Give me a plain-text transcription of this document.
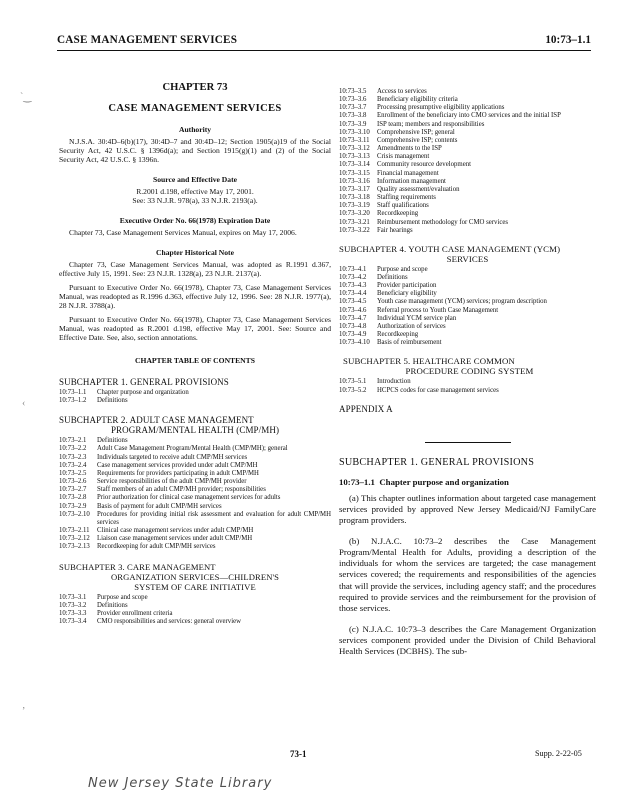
CASE MANAGEMENT SERVICES	10:73–1.1
ˋ‿
‹
‚
CHAPTER 73
CASE MANAGEMENT SERVICES
Authority

N.J.S.A. 30:4D–6(b)(17), 30:4D–7 and 30:4D–12; Section 1905(a)19 of the Social Security Act, 42 U.S.C. § 1396d(a); and Section 1915(g)(1) and (2) of the Social Security Act, 42 U.S.C. § 1396n.

Source and Effective Date

R.2001 d.198, effective May 17, 2001.

See: 33 N.J.R. 978(a), 33 N.J.R. 2193(a).

Executive Order No. 66(1978) Expiration Date

Chapter 73, Case Management Services Manual, expires on May 17, 2006.

Chapter Historical Note

Chapter 73, Case Management Services Manual, was adopted as R.1991 d.367, effective July 15, 1991. See: 23 N.J.R. 1328(a), 23 N.J.R. 2137(a).

Pursuant to Executive Order No. 66(1978), Chapter 73, Case Management Services Manual, was readopted as R.1996 d.363, effective July 12, 1996. See: 28 N.J.R. 1977(a), 28 N.J.R. 3788(a).

Pursuant to Executive Order No. 66(1978), Chapter 73, Case Management Services Manual, was readopted as R.2001 d.198, effective May 17, 2001. See: Source and Effective Date. See, also, section annotations.

CHAPTER TABLE OF CONTENTS
SUBCHAPTER 1. GENERAL PROVISIONS
10:73–1.1	Chapter purpose and organization
10:73–1.2	Definitions
SUBCHAPTER 2. ADULT CASE MANAGEMENT
PROGRAM/MENTAL HEALTH (CMP/MH)
10:73–2.1	Definitions
10:73–2.2	Adult Case Management Program/Mental Health (CMP/MH); general
10:73–2.3	Individuals targeted to receive adult CMP/MH services
10:73–2.4	Case management services provided under adult CMP/MH
10:73–2.5	Requirements for providers participating in adult CMP/MH
10:73–2.6	Service responsibilities of the adult CMP/MH provider
10:73–2.7	Staff members of an adult CMP/MH provider; responsibilities
10:73–2.8	Prior authorization for clinical case management services for adults
10:73–2.9	Basis of payment for adult CMP/MH services
10:73–2.10	Procedures for providing initial risk assessment and evaluation for adult CMP/MH services
10:73–2.11	Clinical case management services under adult CMP/MH
10:73–2.12	Liaison case management services under adult CMP/MH
10:73–2.13	Recordkeeping for adult CMP/MH services
SUBCHAPTER 3. CARE MANAGEMENT
ORGANIZATION SERVICES—CHILDREN'S
SYSTEM OF CARE INITIATIVE
10:73–3.1	Purpose and scope
10:73–3.2	Definitions
10:73–3.3	Provider enrollment criteria
10:73–3.4	CMO responsibilities and services: general overview
10:73–3.5	Access to services
10:73–3.6	Beneficiary eligibility criteria
10:73–3.7	Processing presumptive eligibility applications
10:73–3.8	Enrollment of the beneficiary into CMO services and the initial ISP
10:73–3.9	ISP team; members and responsibilities
10:73–3.10	Comprehensive ISP; general
10:73–3.11	Comprehensive ISP; contents
10:73–3.12	Amendments to the ISP
10:73–3.13	Crisis management
10:73–3.14	Community resource development
10:73–3.15	Financial management
10:73–3.16	Information management
10:73–3.17	Quality assessment/evaluation
10:73–3.18	Staffing requirements
10:73–3.19	Staff qualifications
10:73–3.20	Recordkeeping
10:73–3.21	Reimbursement methodology for CMO services
10:73–3.22	Fair hearings
SUBCHAPTER 4. YOUTH CASE MANAGEMENT (YCM)
SERVICES
10:73–4.1	Purpose and scope
10:73–4.2	Definitions
10:73–4.3	Provider participation
10:73–4.4	Beneficiary eligibility
10:73–4.5	Youth case management (YCM) services; program description
10:73–4.6	Referral process to Youth Case Management
10:73–4.7	Individual YCM service plan
10:73–4.8	Authorization of services
10:73–4.9	Recordkeeping
10:73–4.10	Basis of reimbursement
SUBCHAPTER 5. HEALTHCARE COMMON
PROCEDURE CODING SYSTEM
10:73–5.1	Introduction
10:73–5.2	HCPCS codes for case management services
APPENDIX A
SUBCHAPTER 1. GENERAL PROVISIONS
10:73–1.1 Chapter purpose and organization

(a) This chapter outlines information about targeted case management services provided by approved New Jersey Medicaid/NJ FamilyCare program providers.

(b) N.J.A.C. 10:73–2 describes the Case Management Program/Mental Health for Adults, providing a description of the individuals for whom the services are targeted; the case management services covered; the requirements and responsibilities of the agencies that will provide the services, including agency staff; and the procedures required to provide services and the reimbursement for the provision of those services.

(c) N.J.A.C. 10:73–3 describes the Care Management Organization services component provided under the Division of Child Behavioral Health Services (DCBHS). The sub-

73-1	Supp. 2-22-05
New Jersey State Library
